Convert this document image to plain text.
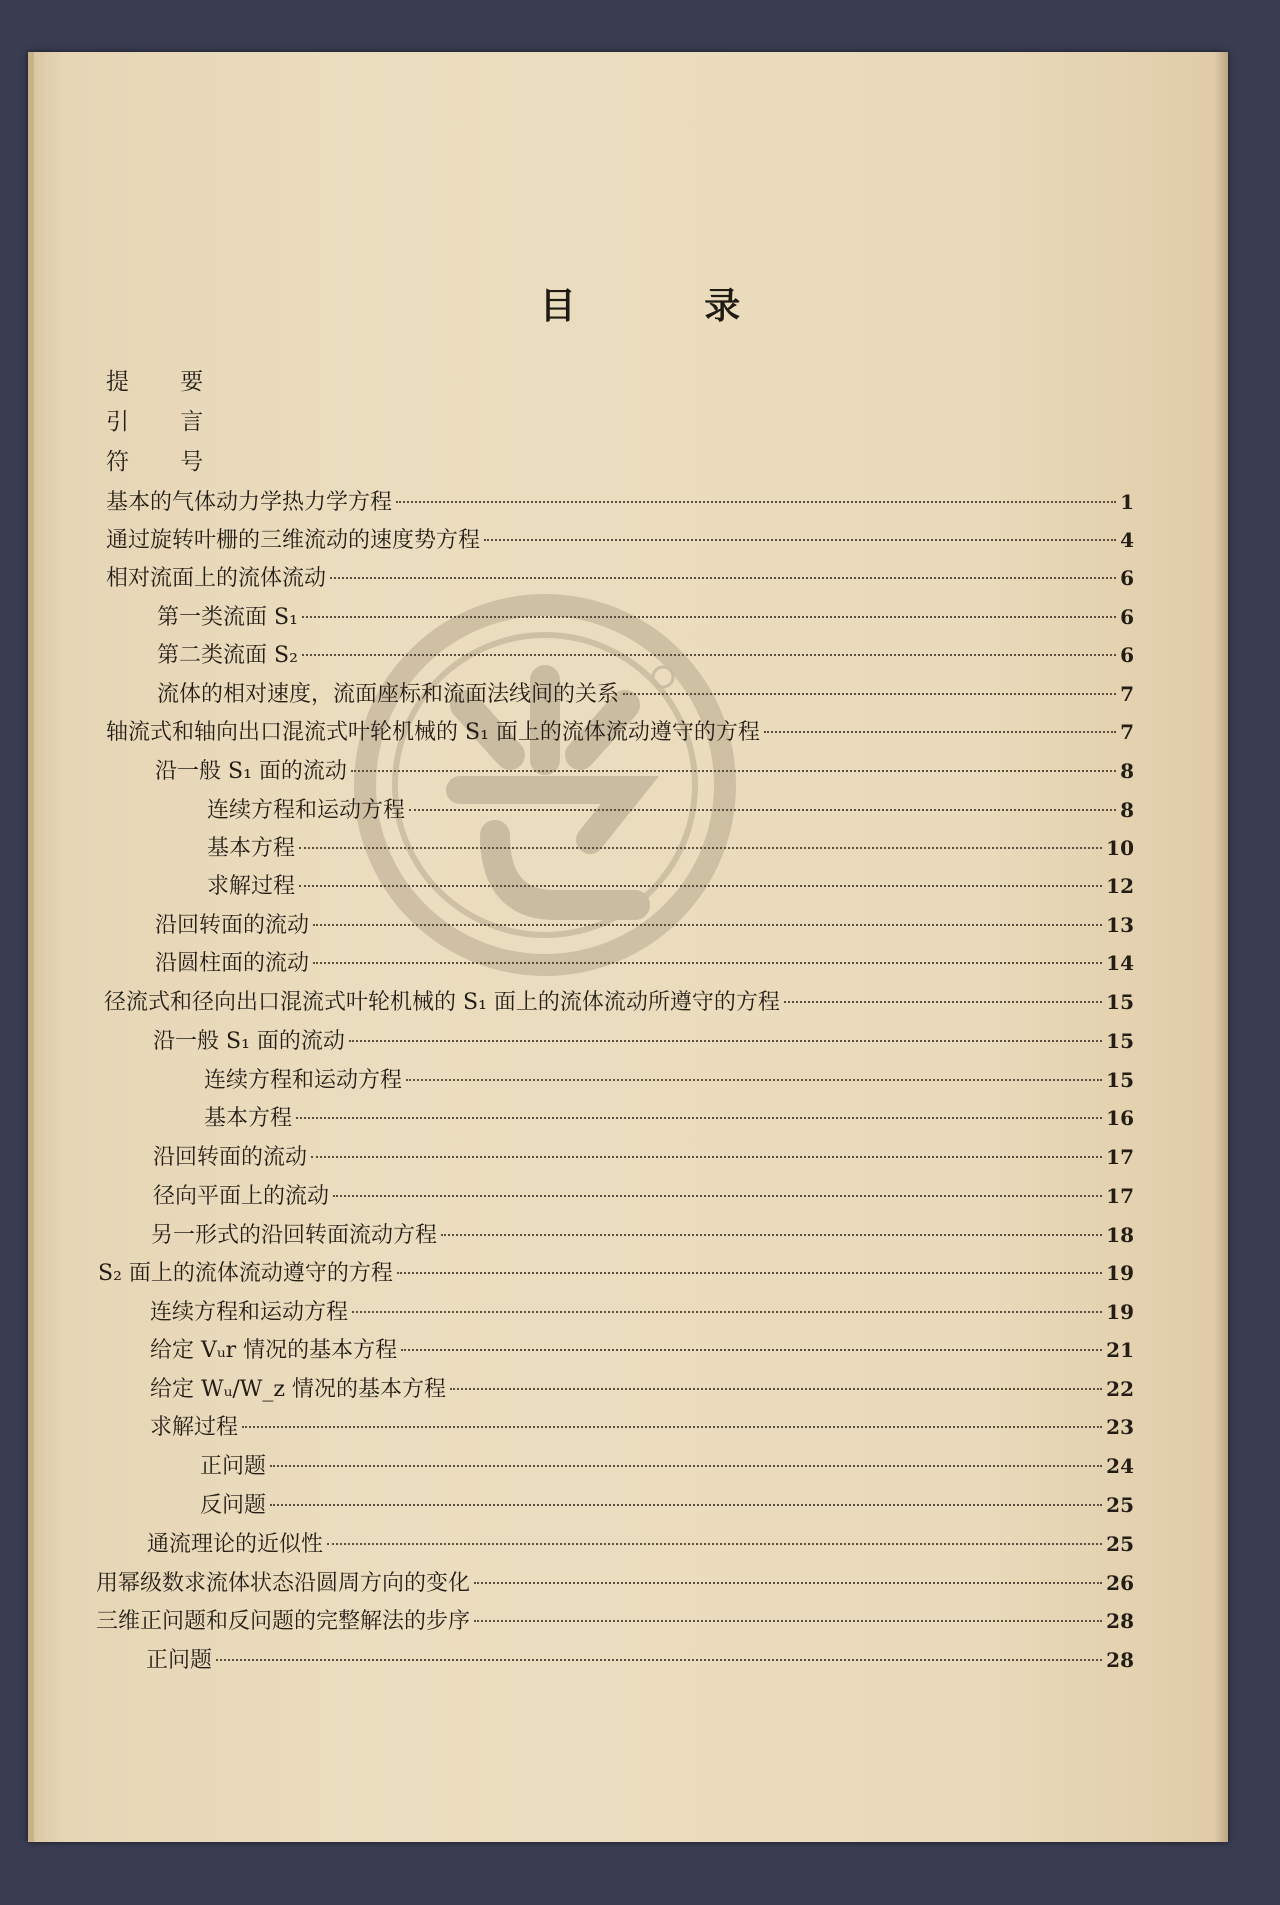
目 录
提 要
引 言
符 号
基本的气体动力学热力学方程	1
通过旋转叶栅的三维流动的速度势方程	4
相对流面上的流体流动	6
第一类流面 S₁	6
第二类流面 S₂	6
流体的相对速度，流面座标和流面法线间的关系	7
轴流式和轴向出口混流式叶轮机械的 S₁ 面上的流体流动遵守的方程	7
沿一般 S₁ 面的流动	8
连续方程和运动方程	8
基本方程	10
求解过程	12
沿回转面的流动	13
沿圆柱面的流动	14
径流式和径向出口混流式叶轮机械的 S₁ 面上的流体流动所遵守的方程	15
沿一般 S₁ 面的流动	15
连续方程和运动方程	15
基本方程	16
沿回转面的流动	17
径向平面上的流动	17
另一形式的沿回转面流动方程	18
S₂ 面上的流体流动遵守的方程	19
连续方程和运动方程	19
给定 Vᵤr 情况的基本方程	21
给定 Wᵤ/W_z 情况的基本方程	22
求解过程	23
正问题	24
反问题	25
通流理论的近似性	25
用幂级数求流体状态沿圆周方向的变化	26
三维正问题和反问题的完整解法的步序	28
正问题	28
